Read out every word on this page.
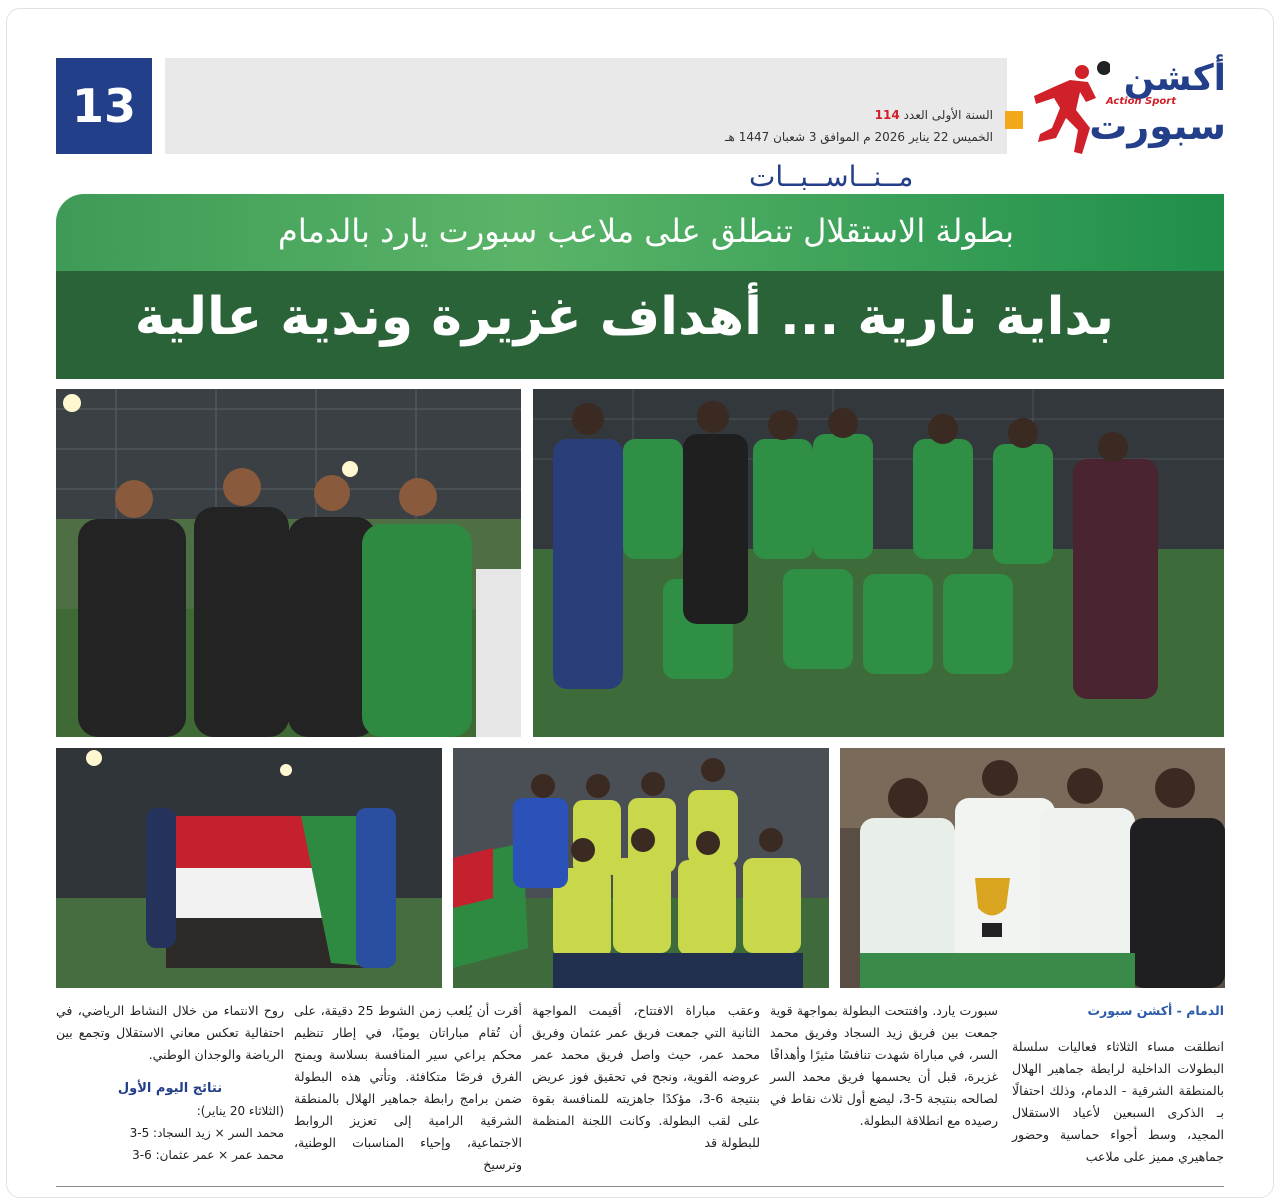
13	السنة الأولى العدد 114
الخميس 22 يناير 2026 م الموافق 3 شعبان 1447 هـ
مــنــاســبــات
أكشن
Action Sport
سبورت
بطولة الاستقلال تنطلق على ملاعب سبورت يارد بالدمام
بداية نارية ... أهداف غزيرة وندية عالية
الدمام - أكشن سبورت

انطلقت مساء الثلاثاء فعاليات سلسلة البطولات الداخلية لرابطة جماهير الهلال بالمنطقة الشرقية - الدمام، وذلك احتفالًا بـ الذكرى السبعين لأعياد الاستقلال المجيد، وسط أجواء حماسية وحضور جماهيري مميز على ملاعب

سبورت يارد. وافتتحت البطولة بمواجهة قوية جمعت بين فريق زيد السجاد وفريق محمد السر، في مباراة شهدت تنافسًا مثيرًا وأهدافًا غزيرة، قبل أن يحسمها فريق محمد السر لصالحه بنتيجة 5-3، ليضع أول ثلاث نقاط في رصيده مع انطلاقة البطولة.

وعقب مباراة الافتتاح، أقيمت المواجهة الثانية التي جمعت فريق عمر عثمان وفريق محمد عمر، حيث واصل فريق محمد عمر عروضه القوية، ونجح في تحقيق فوز عريض بنتيجة 6-3، مؤكدًا جاهزيته للمنافسة بقوة على لقب البطولة. وكانت اللجنة المنظمة للبطولة قد

أقرت أن يُلعب زمن الشوط 25 دقيقة، على أن تُقام مباراتان يوميًا، في إطار تنظيم محكم يراعي سير المنافسة بسلاسة ويمنح الفرق فرصًا متكافئة. وتأتي هذه البطولة ضمن برامج رابطة جماهير الهلال بالمنطقة الشرقية الرامية إلى تعزيز الروابط الاجتماعية، وإحياء المناسبات الوطنية، وترسيخ

روح الانتماء من خلال النشاط الرياضي، في احتفالية تعكس معاني الاستقلال وتجمع بين الرياضة والوجدان الوطني.

نتائج اليوم الأول
(الثلاثاء 20 يناير):
محمد السر × زيد السجاد: 5-3
محمد عمر × عمر عثمان: 6-3
